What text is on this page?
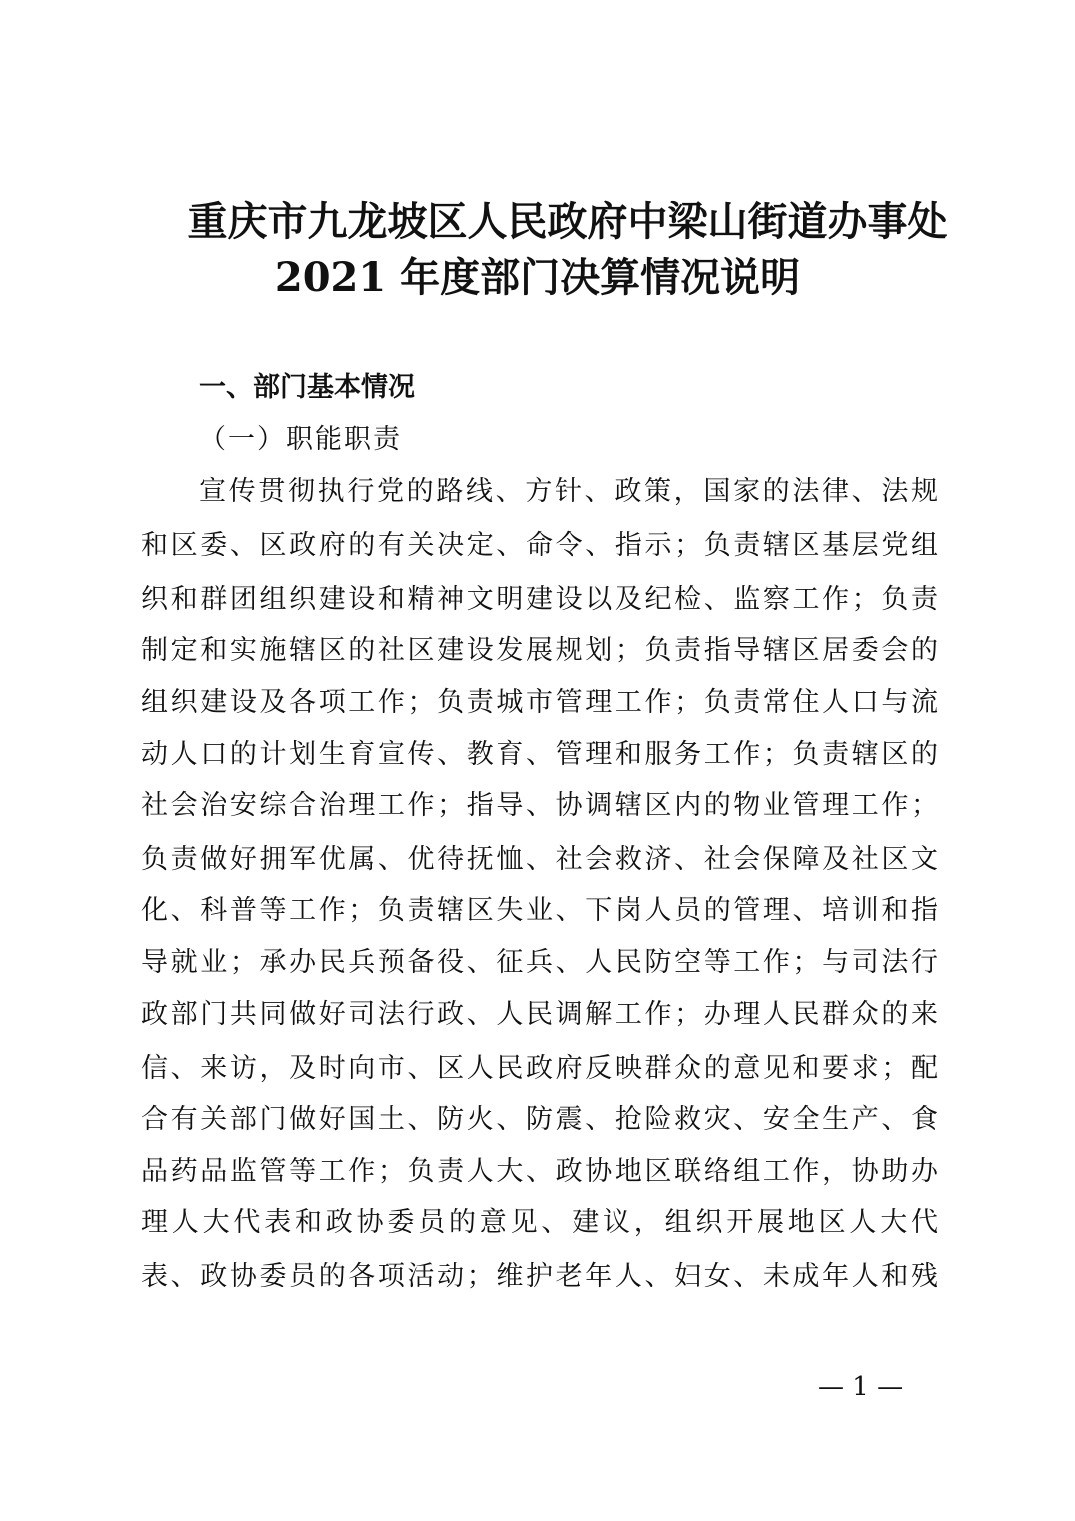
重庆市九龙坡区人民政府中梁山街道办事处
2021 年度部门决算情况说明
一、部门基本情况
（一）职能职责
宣传贯彻执行党的路线、方针、政策，国家的法律、法规
和区委、区政府的有关决定、命令、指示；负责辖区基层党组
织和群团组织建设和精神文明建设以及纪检、监察工作；负责
制定和实施辖区的社区建设发展规划；负责指导辖区居委会的
组织建设及各项工作；负责城市管理工作；负责常住人口与流
动人口的计划生育宣传、教育、管理和服务工作；负责辖区的
社会治安综合治理工作；指导、协调辖区内的物业管理工作；
负责做好拥军优属、优待抚恤、社会救济、社会保障及社区文
化、科普等工作；负责辖区失业、下岗人员的管理、培训和指
导就业；承办民兵预备役、征兵、人民防空等工作；与司法行
政部门共同做好司法行政、人民调解工作；办理人民群众的来
信、来访，及时向市、区人民政府反映群众的意见和要求；配
合有关部门做好国土、防火、防震、抢险救灾、安全生产、食
品药品监管等工作；负责人大、政协地区联络组工作，协助办
理人大代表和政协委员的意见、建议，组织开展地区人大代
表、政协委员的各项活动；维护老年人、妇女、未成年人和残
— 1 —
